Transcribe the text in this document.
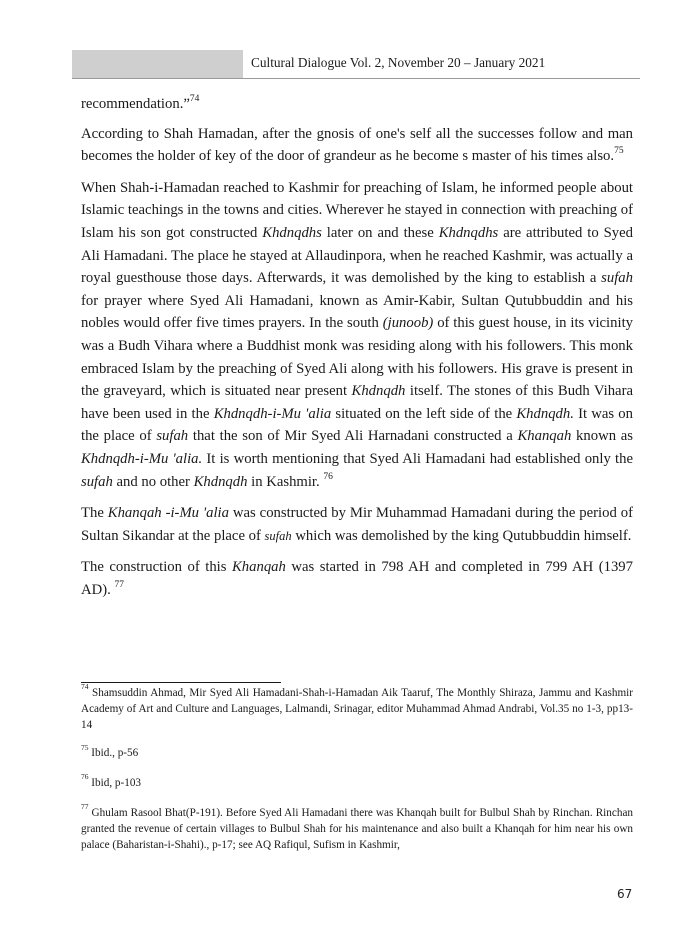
Cultural Dialogue Vol. 2, November 20 – January 2021

recommendation.”$^{74}$

According to Shah Hamadan, after the gnosis of one's self all the successes follow and man becomes the holder of key of the door of grandeur as he become s master of his times also.$^{75}$

When Shah-i-Hamadan reached to Kashmir for preaching of Islam, he informed people about Islamic teachings in the towns and cities. Wherever he stayed in connection with preaching of Islam his son got constructed Khdnqdhs later on and these Khdnqdhs are attributed to Syed Ali Hamadani. The place he stayed at Allaudinpora, when he reached Kashmir, was actually a royal guesthouse those days. Afterwards, it was demolished by the king to establish a sufah for prayer where Syed Ali Hamadani, known as Amir-Kabir, Sultan Qutubbuddin and his nobles would offer five times prayers. In the south (junoob) of this guest house, in its vicinity was a Budh Vihara where a Buddhist monk was residing along with his followers. This monk embraced Islam by the preaching of Syed Ali along with his followers. His grave is present in the graveyard, which is situated near present Khdnqdh itself. The stones of this Budh Vihara have been used in the Khdnqdh-i-Mu 'alia situated on the left side of the Khdnqdh. It was on the place of sufah that the son of Mir Syed Ali Harnadani constructed a Khanqah known as Khdnqdh-i-Mu 'alia. It is worth mentioning that Syed Ali Hamadani had established only the sufah and no other Khdnqdh in Kashmir. $^{76}$

The Khanqah -i-Mu 'alia was constructed by Mir Muhammad Hamadani during the period of Sultan Sikandar at the place of sufah which was demolished by the king Qutubbuddin himself.

The construction of this Khanqah was started in 798 AH and completed in 799 AH (1397 AD). $^{77}$

$^{74}$ Shamsuddin Ahmad, Mir Syed Ali Hamadani-Shah-i-Hamadan Aik Taaruf, The Monthly Shiraza, Jammu and Kashmir Academy of Art and Culture and Languages, Lalmandi, Srinagar, editor Muhammad Ahmad Andrabi, Vol.35 no 1-3, pp13-14

$^{75}$ Ibid., p-56

$^{76}$ Ibid, p-103

$^{77}$ Ghulam Rasool Bhat(P-191). Before Syed Ali Hamadani there was Khanqah built for Bulbul Shah by Rinchan. Rinchan granted the revenue of certain villages to Bulbul Shah for his maintenance and also built a Khanqah for him near his own palace (Baharistan-i-Shahi)., p-17; see AQ Rafiqul, Sufism in Kashmir,

67
